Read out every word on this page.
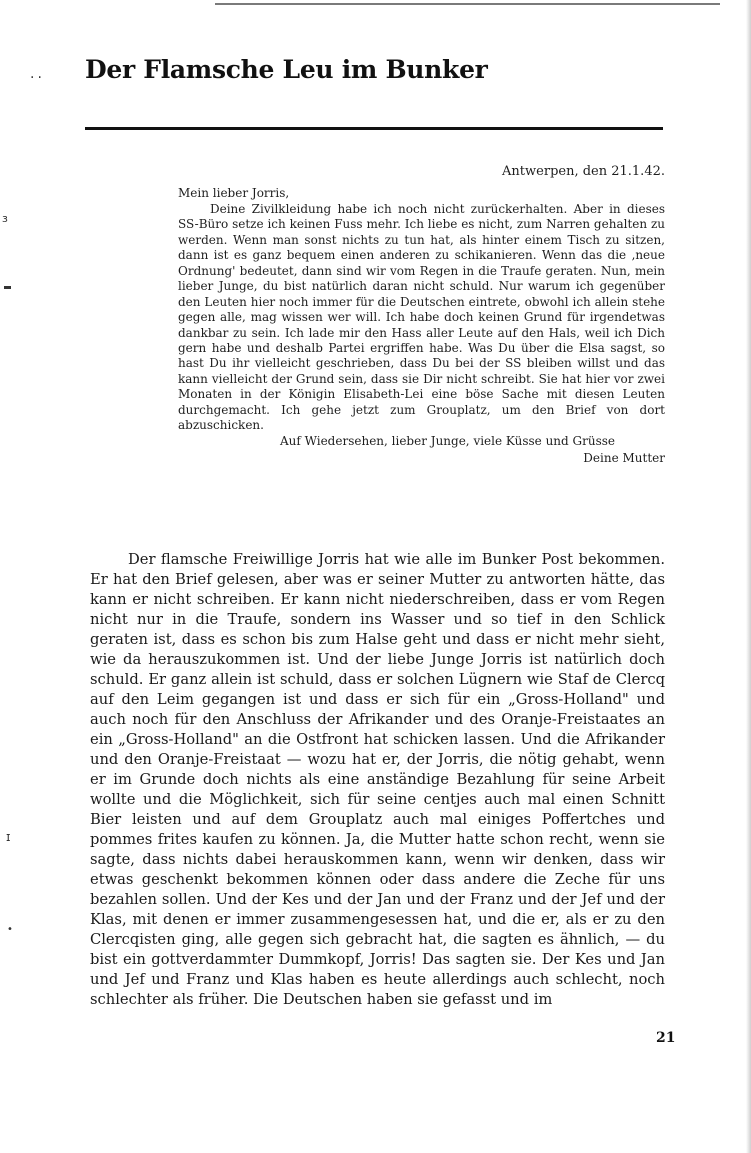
··
ɜ
ɪ
•
Der Flamsche Leu im Bunker

Antwerpen, den 21.1.42.

Mein lieber Jorris,

Deine Zivilkleidung habe ich noch nicht zurückerhalten. Aber in dieses SS-Büro setze ich keinen Fuss mehr. Ich liebe es nicht, zum Narren gehalten zu werden. Wenn man sonst nichts zu tun hat, als hinter einem Tisch zu sitzen, dann ist es ganz bequem einen anderen zu schikanieren. Wenn das die ‚neue Ordnung' bedeutet, dann sind wir vom Regen in die Traufe geraten. Nun, mein lieber Junge, du bist natürlich daran nicht schuld. Nur warum ich gegenüber den Leuten hier noch immer für die Deutschen eintrete, obwohl ich allein stehe gegen alle, mag wissen wer will. Ich habe doch keinen Grund für irgendetwas dankbar zu sein. Ich lade mir den Hass aller Leute auf den Hals, weil ich Dich gern habe und deshalb Partei ergriffen habe. Was Du über die Elsa sagst, so hast Du ihr vielleicht geschrieben, dass Du bei der SS bleiben willst und das kann vielleicht der Grund sein, dass sie Dir nicht schreibt. Sie hat hier vor zwei Monaten in der Königin Elisabeth-Lei eine böse Sache mit diesen Leuten durchgemacht. Ich gehe jetzt zum Grouplatz, um den Brief von dort abzuschicken.

Auf Wiedersehen, lieber Junge, viele Küsse und Grüsse

Deine Mutter

Der flamsche Freiwillige Jorris hat wie alle im Bunker Post bekommen. Er hat den Brief gelesen, aber was er seiner Mutter zu antworten hätte, das kann er nicht schreiben. Er kann nicht niederschreiben, dass er vom Regen nicht nur in die Traufe, sondern ins Wasser und so tief in den Schlick geraten ist, dass es schon bis zum Halse geht und dass er nicht mehr sieht, wie da herauszukommen ist. Und der liebe Junge Jorris ist natürlich doch schuld. Er ganz allein ist schuld, dass er solchen Lügnern wie Staf de Clercq auf den Leim gegangen ist und dass er sich für ein „Gross-Holland" und auch noch für den Anschluss der Afrikander und des Oranje-Freistaates an ein „Gross-Holland" an die Ostfront hat schicken lassen. Und die Afrikander und den Oranje-Freistaat — wozu hat er, der Jorris, die nötig gehabt, wenn er im Grunde doch nichts als eine anständige Bezahlung für seine Arbeit wollte und die Möglichkeit, sich für seine centjes auch mal einen Schnitt Bier leisten und auf dem Grouplatz auch mal einiges Poffertches und pommes frites kaufen zu können. Ja, die Mutter hatte schon recht, wenn sie sagte, dass nichts dabei herauskommen kann, wenn wir denken, dass wir etwas geschenkt bekommen können oder dass andere die Zeche für uns bezahlen sollen. Und der Kes und der Jan und der Franz und der Jef und der Klas, mit denen er immer zusammengesessen hat, und die er, als er zu den Clercqisten ging, alle gegen sich gebracht hat, die sagten es ähnlich, — du bist ein gottverdammter Dummkopf, Jorris! Das sagten sie. Der Kes und Jan und Jef und Franz und Klas haben es heute allerdings auch schlecht, noch schlechter als früher. Die Deutschen haben sie gefasst und im

21
